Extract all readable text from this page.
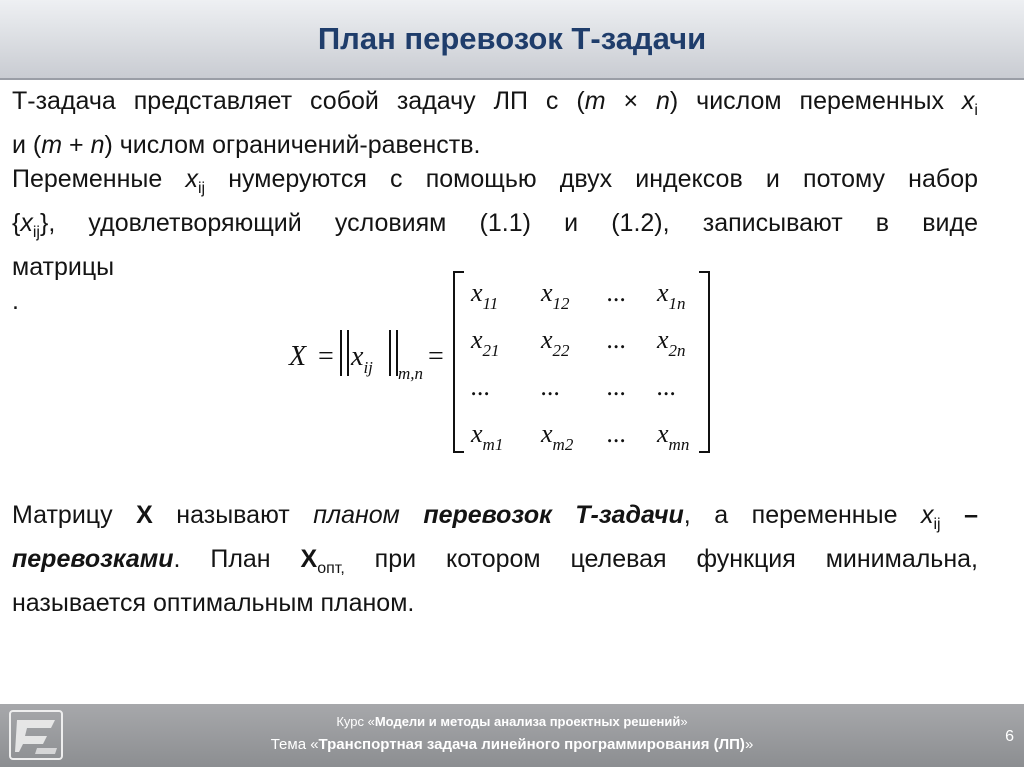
План перевозок Т-задачи

Т-задача представляет собой задачу ЛП с (m × n) числом переменных $x_i$

и (m + n) числом ограничений-равенств.

Переменные $x_{ij}$ нумеруются с помощью двух индексов и потому набор

$\{x_{ij}\}$, удовлетворяющий условиям (1.1) и (1.2), записывают в виде

матрицы

.

$X = x_{ij}$ m,n
=
$x_{11}$ $x_{12}$ ... $x_{1n}$
$x_{21}$ $x_{22}$ ... $x_{2n}$
... ... ... ...
$x_{m1}$ $x_{m2}$ ... $x_{mn}$
Курс «Модели и методы анализа проектных решений»
Тема «Транспортная задача линейного программирования (ЛП)»	6

Матрицу X называют планом перевозок Т-задачи, а переменные $x_{ij}$ –

перевозками. План $X_{опт,}$ при котором целевая функция минимальна,

называется оптимальным планом.
